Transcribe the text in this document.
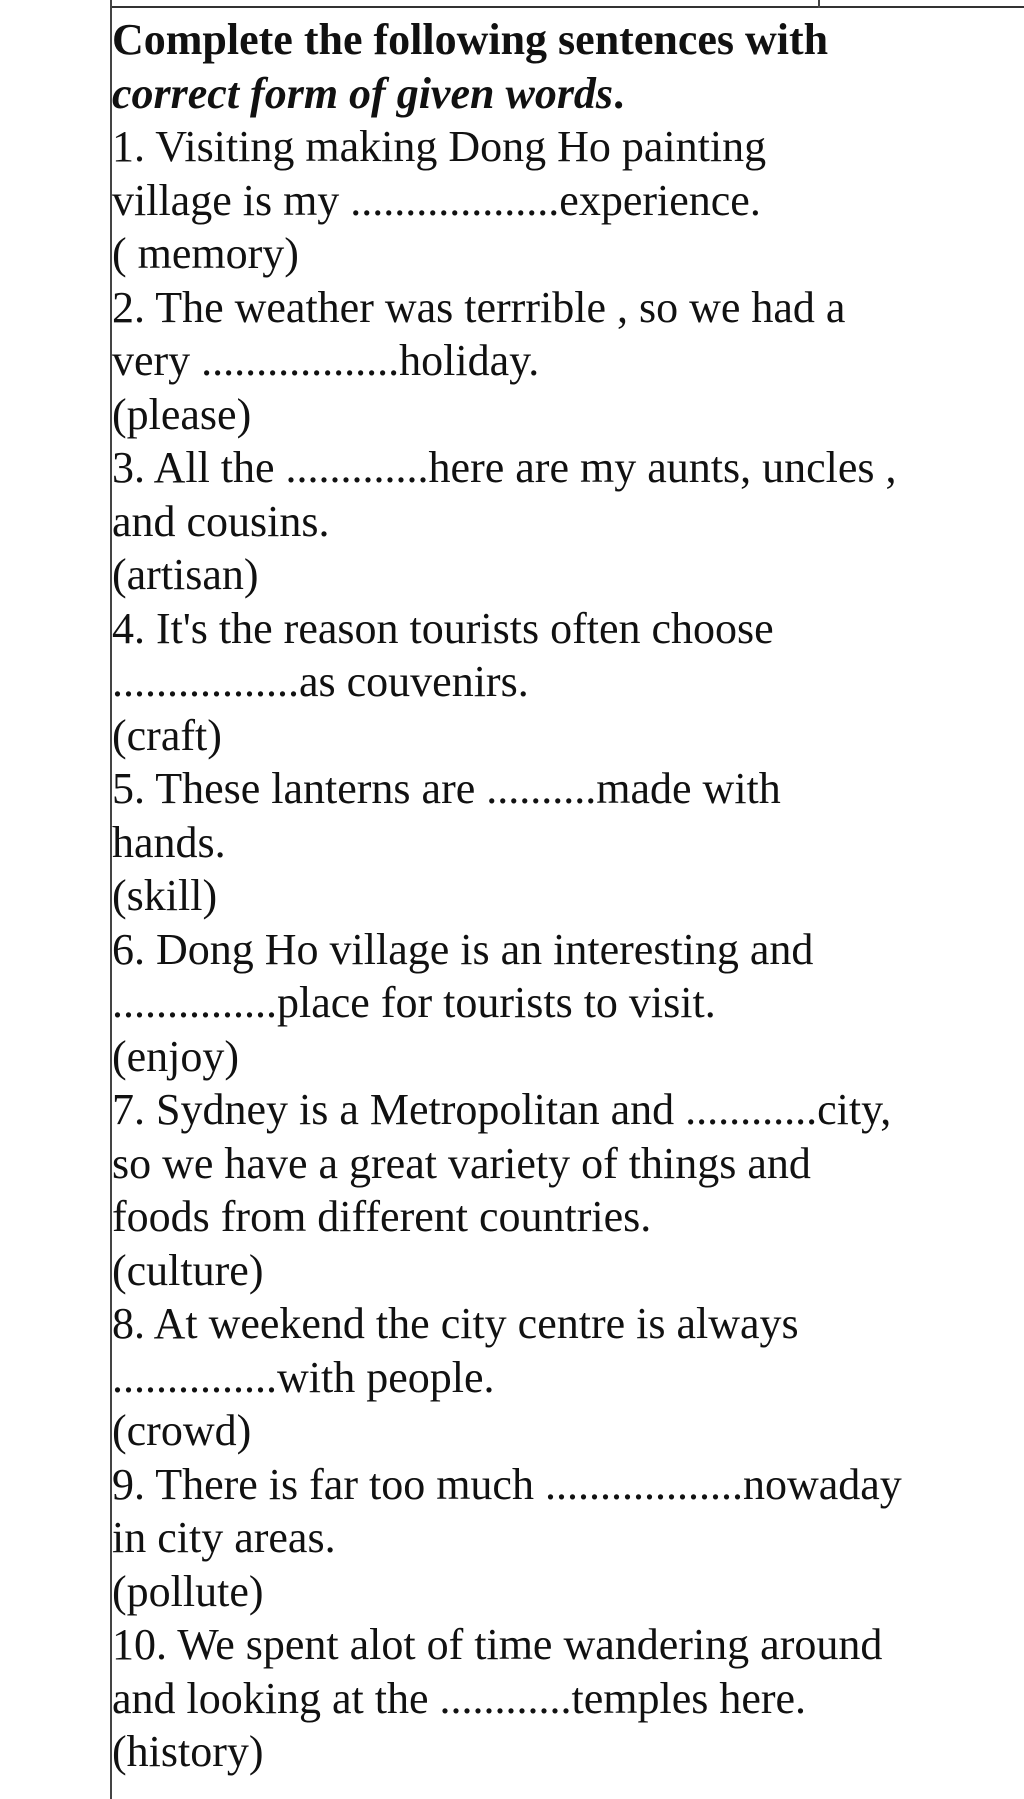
Complete the following sentences with
correct form of given words.
1. Visiting making Dong Ho painting
village is my ...................experience.
( memory)
2. The weather was terrrible , so we had a
very ..................holiday.
(please)
3. All the .............here are my aunts, uncles ,
and cousins.
(artisan)
4. It's the reason tourists often choose
.................as couvenirs.
(craft)
5. These lanterns are ..........made with
hands.
(skill)
6. Dong Ho village is an interesting and
...............place for tourists to visit.
(enjoy)
7. Sydney is a Metropolitan and ............city,
so we have a great variety of things and
foods from different countries.
(culture)
8. At weekend the city centre is always
...............with people.
(crowd)
9. There is far too much ..................nowaday
in city areas.
(pollute)
10. We spent alot of time wandering around
and looking at the ............temples here.
(history)
